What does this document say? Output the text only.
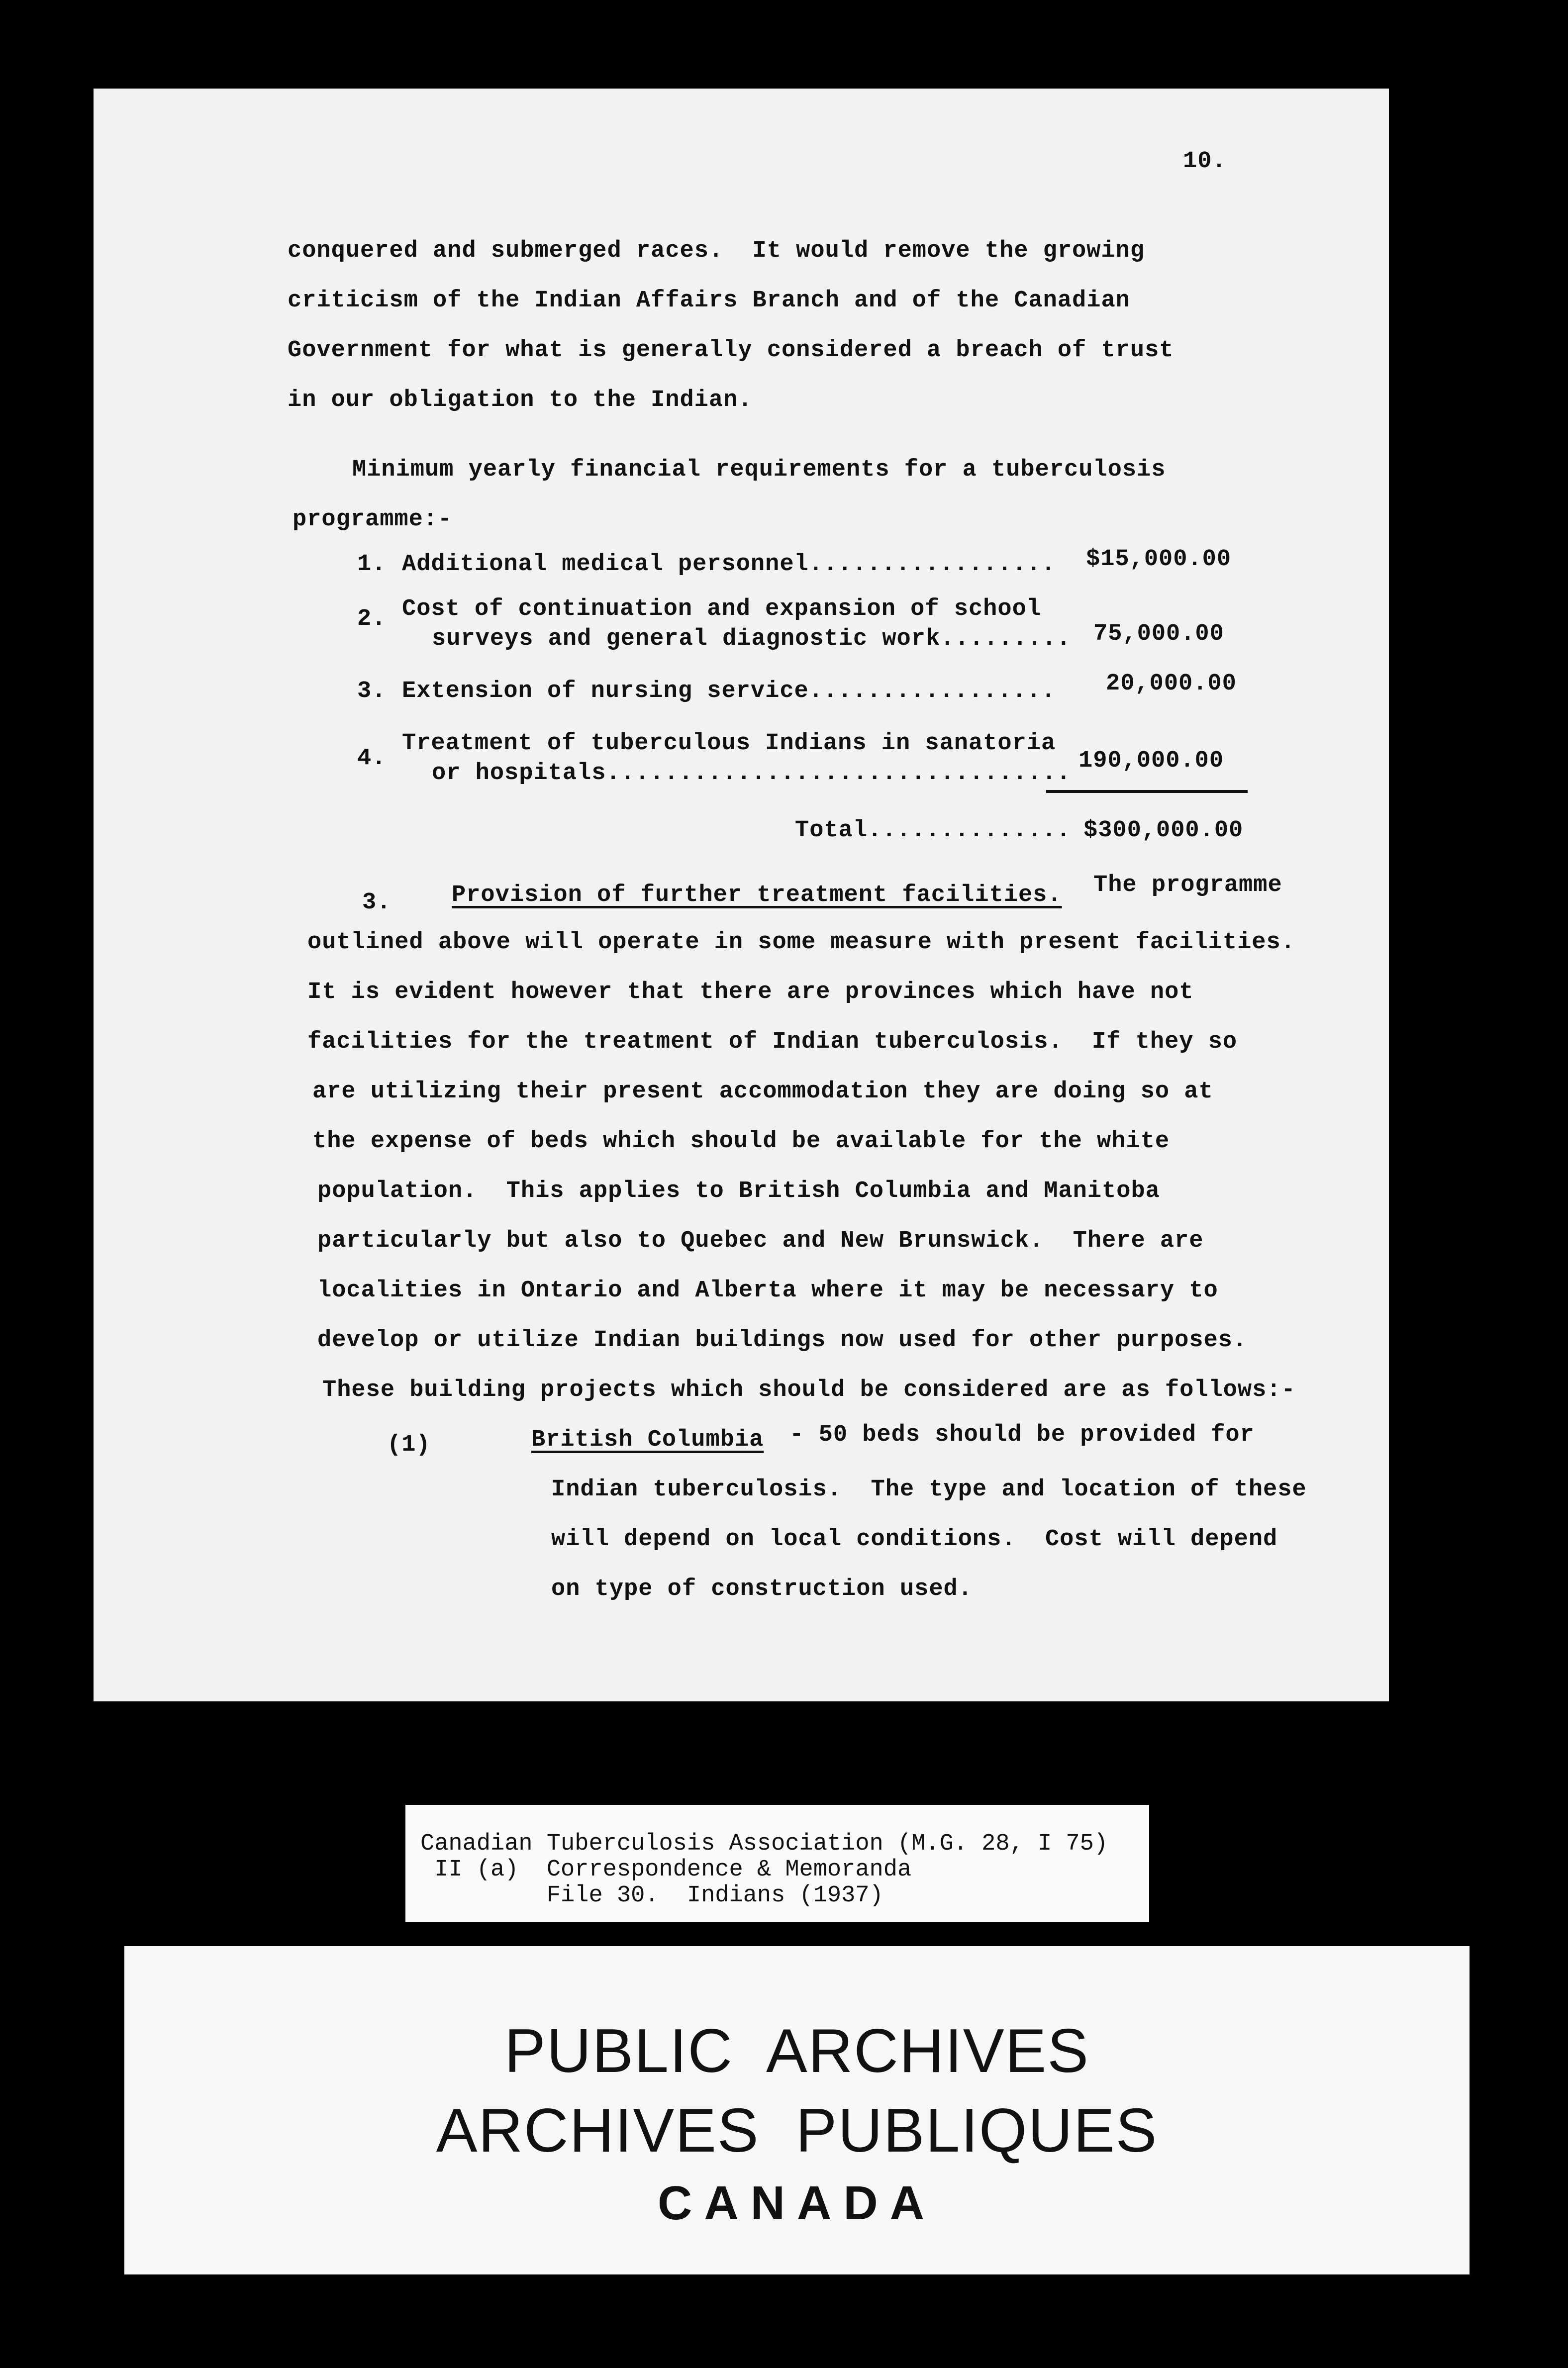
10.
conquered and submerged races.  It would remove the growing
criticism of the Indian Affairs Branch and of the Canadian
Government for what is generally considered a breach of trust
in our obligation to the Indian.
Minimum yearly financial requirements for a tuberculosis
programme:-
1. Additional medical personnel................. $15,000.00
2. Cost of continuation and expansion of school
surveys and general diagnostic work......... 75,000.00
3. Extension of nursing service................. 20,000.00
4.
Treatment of tuberculous Indians in sanatoria
or hospitals................................ 190,000.00
Total.............. $300,000.00
3.	Provision of further treatment facilities. The programme
outlined above will operate in some measure with present facilities.
It is evident however that there are provinces which have not
facilities for the treatment of Indian tuberculosis.  If they so
are utilizing their present accommodation they are doing so at
the expense of beds which should be available for the white
population.  This applies to British Columbia and Manitoba
particularly but also to Quebec and New Brunswick.  There are
localities in Ontario and Alberta where it may be necessary to
develop or utilize Indian buildings now used for other purposes.
These building projects which should be considered are as follows:-
(1)	British Columbia - 50 beds should be provided for
Indian tuberculosis.  The type and location of these
will depend on local conditions.  Cost will depend
on type of construction used.
Canadian Tuberculosis Association (M.G. 28, I 75)
II (a)  Correspondence & Memoranda
File 30.  Indians (1937)
PUBLIC  ARCHIVES
ARCHIVES  PUBLIQUES
CANADA
